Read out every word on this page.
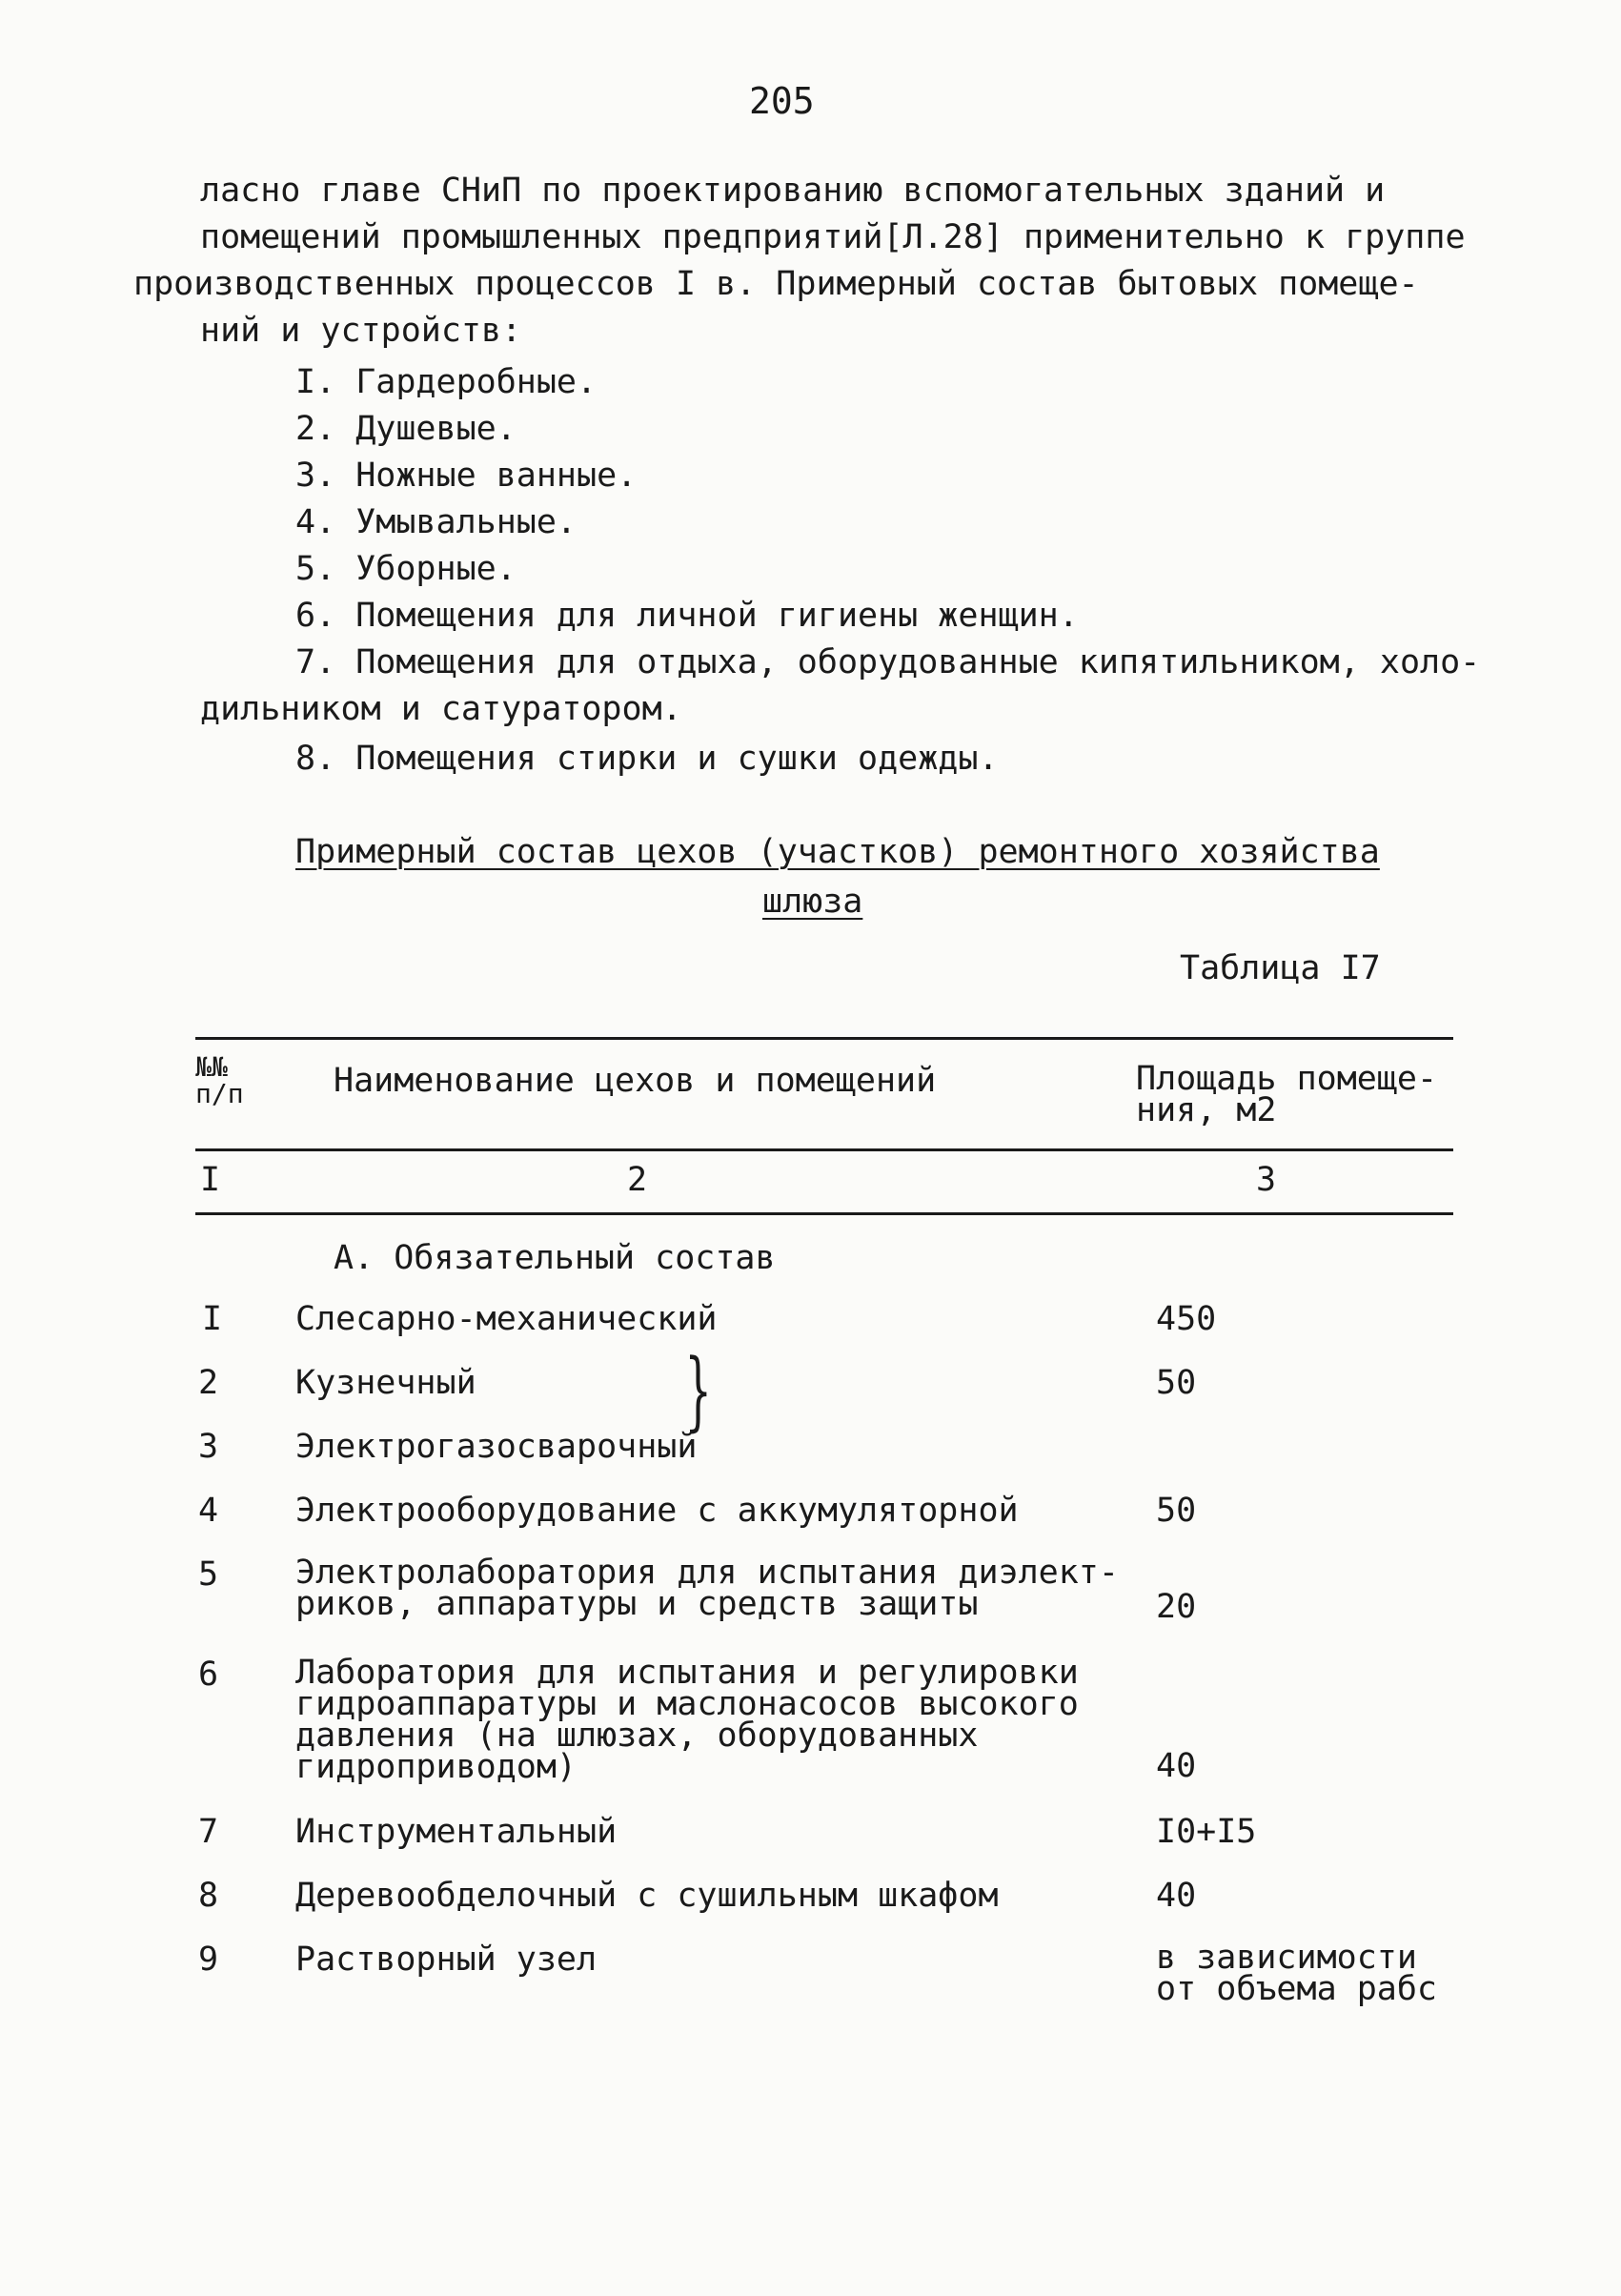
205
ласно главе СНиП по проектированию вспомогательных зданий и
помещений промышленных предприятий[Л.28] применительно к группе
производственных процессов I в. Примерный состав бытовых помеще-
ний и устройств:
I. Гардеробные.
2. Душевые.
3. Ножные ванные.
4. Умывальные.
5. Уборные.
6. Помещения для личной гигиены женщин.
7. Помещения для отдыха, оборудованные кипятильником, холо-
дильником и сатуратором.
8. Помещения стирки и сушки одежды.
Примерный состав цехов (участков) ремонтного хозяйства
шлюза
Таблица I7
№№ п/п	Наименование цехов и помещений	Площадь помеще-
ния, м2
I	2	3
А. Обязательный состав
I Слесарно-механический	450
2 Кузнечный	50
3 Электрогазосварочный
}
4 Электрооборудование с аккумуляторной	50
5 Электролаборатория для испытания диэлект-
риков, аппаратуры и средств защиты	20
6 Лаборатория для испытания и регулировки
гидроаппаратуры и маслонасосов высокого
давления (на шлюзах, оборудованных
гидроприводом)	40
7 Инструментальный	I0+I5
8 Деревообделочный с сушильным шкафом	40
9 Растворный узел	в зависимости
от объема рабс
